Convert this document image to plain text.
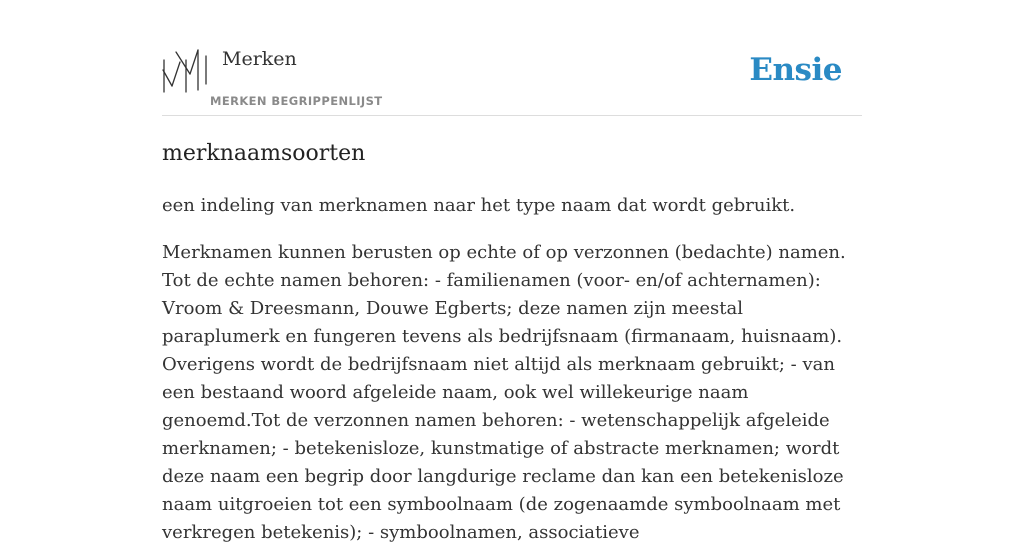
Merken
MERKEN BEGRIPPENLIJST
Ensie
merknaamsoorten

een indeling van merknamen naar het type naam dat wordt gebruikt.

Merknamen kunnen berusten op echte of op verzonnen (bedachte) namen. Tot de echte namen behoren: - familienamen (voor- en/of achternamen): Vroom & Dreesmann, Douwe Egberts; deze namen zijn meestal paraplumerk en fungeren tevens als bedrijfsnaam (firmanaam, huisnaam). Overigens wordt de bedrijfsnaam niet altijd als merknaam gebruikt; - van een bestaand woord afgeleide naam, ook wel willekeurige naam genoemd.Tot de verzonnen namen behoren: - wetenschappelijk afgeleide merknamen; - betekenisloze, kunstmatige of abstracte merknamen; wordt deze naam een begrip door langdurige reclame dan kan een betekenisloze naam uitgroeien tot een symboolnaam (de zogenaamde symboolnaam met verkregen betekenis); - symboolnamen, associatieve
